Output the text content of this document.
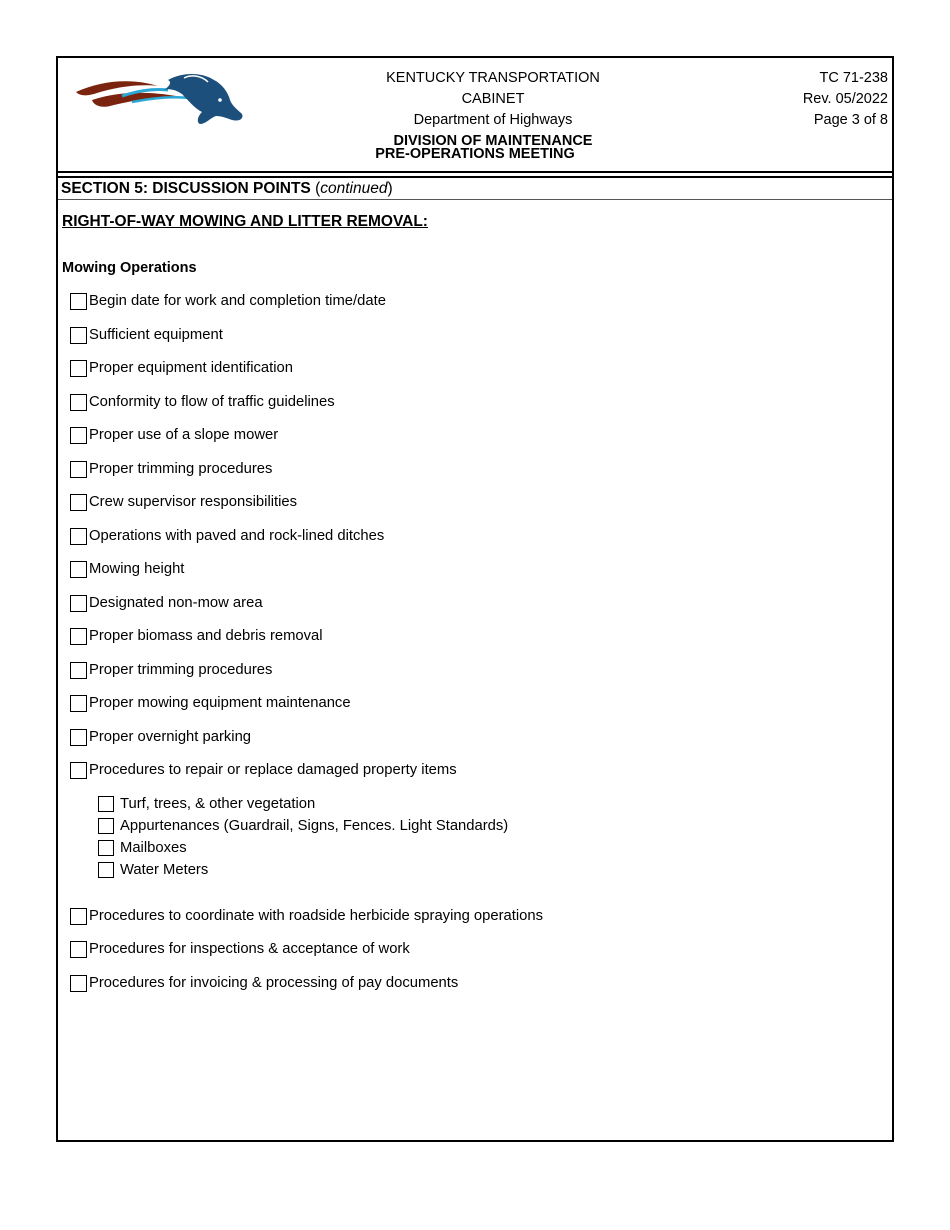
KENTUCKY TRANSPORTATION CABINET
Department of Highways
DIVISION OF MAINTENANCE
TC 71-238
Rev. 05/2022
Page 3 of 8
PRE-OPERATIONS MEETING
SECTION 5: DISCUSSION POINTS (continued)
RIGHT-OF-WAY MOWING AND LITTER REMOVAL:
Mowing Operations
Begin date for work and completion time/date
Sufficient equipment
Proper equipment identification
Conformity to flow of traffic guidelines
Proper use of a slope mower
Proper trimming procedures
Crew supervisor responsibilities
Operations with paved and rock-lined ditches
Mowing height
Designated non-mow area
Proper biomass and debris removal
Proper trimming procedures
Proper mowing equipment maintenance
Proper overnight parking
Procedures to repair or replace damaged property items
Turf, trees, & other vegetation
Appurtenances (Guardrail, Signs, Fences. Light Standards)
Mailboxes
Water Meters
Procedures to coordinate with roadside herbicide spraying operations
Procedures for inspections & acceptance of work
Procedures for invoicing & processing of pay documents
